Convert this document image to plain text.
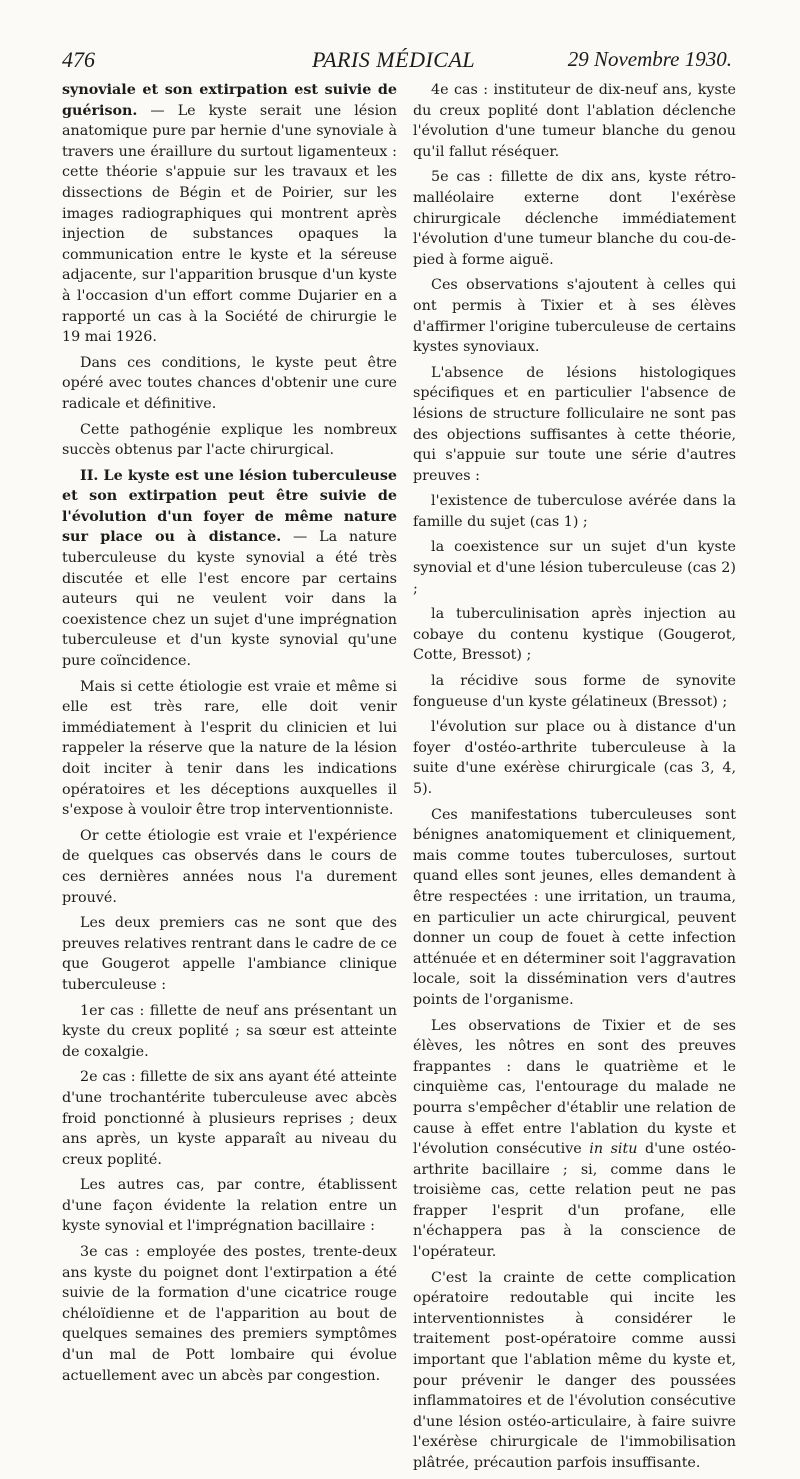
476	PARIS MÉDICAL	29 Novembre 1930.

synoviale et son extirpation est suivie de guérison. — Le kyste serait une lésion anatomique pure par hernie d'une synoviale à travers une éraillure du surtout ligamenteux : cette théorie s'appuie sur les travaux et les dissections de Bégin et de Poirier, sur les images radiographiques qui montrent après injection de substances opaques la communication entre le kyste et la séreuse adjacente, sur l'apparition brusque d'un kyste à l'occasion d'un effort comme Dujarier en a rapporté un cas à la Société de chirurgie le 19 mai 1926.

Dans ces conditions, le kyste peut être opéré avec toutes chances d'obtenir une cure radicale et définitive.

Cette pathogénie explique les nombreux succès obtenus par l'acte chirurgical.

II. Le kyste est une lésion tuberculeuse et son extirpation peut être suivie de l'évolution d'un foyer de même nature sur place ou à distance. — La nature tuberculeuse du kyste synovial a été très discutée et elle l'est encore par certains auteurs qui ne veulent voir dans la coexistence chez un sujet d'une imprégnation tuberculeuse et d'un kyste synovial qu'une pure coïncidence.

Mais si cette étiologie est vraie et même si elle est très rare, elle doit venir immédiatement à l'esprit du clinicien et lui rappeler la réserve que la nature de la lésion doit inciter à tenir dans les indications opératoires et les déceptions auxquelles il s'expose à vouloir être trop interventionniste.

Or cette étiologie est vraie et l'expérience de quelques cas observés dans le cours de ces dernières années nous l'a durement prouvé.

Les deux premiers cas ne sont que des preuves relatives rentrant dans le cadre de ce que Gougerot appelle l'ambiance clinique tuberculeuse :

1er cas : fillette de neuf ans présentant un kyste du creux poplité ; sa sœur est atteinte de coxalgie.

2e cas : fillette de six ans ayant été atteinte d'une trochantérite tuberculeuse avec abcès froid ponctionné à plusieurs reprises ; deux ans après, un kyste apparaît au niveau du creux poplité.

Les autres cas, par contre, établissent d'une façon évidente la relation entre un kyste synovial et l'imprégnation bacillaire :

3e cas : employée des postes, trente-deux ans kyste du poignet dont l'extirpation a été suivie de la formation d'une cicatrice rouge chéloïdienne et de l'apparition au bout de quelques semaines des premiers symptômes d'un mal de Pott lombaire qui évolue actuellement avec un abcès par congestion.

4e cas : instituteur de dix-neuf ans, kyste du creux poplité dont l'ablation déclenche l'évolution d'une tumeur blanche du genou qu'il fallut réséquer.

5e cas : fillette de dix ans, kyste rétro-malléolaire externe dont l'exérèse chirurgicale déclenche immédiatement l'évolution d'une tumeur blanche du cou-de-pied à forme aiguë.

Ces observations s'ajoutent à celles qui ont permis à Tixier et à ses élèves d'affirmer l'origine tuberculeuse de certains kystes synoviaux.

L'absence de lésions histologiques spécifiques et en particulier l'absence de lésions de structure folliculaire ne sont pas des objections suffisantes à cette théorie, qui s'appuie sur toute une série d'autres preuves :

l'existence de tuberculose avérée dans la famille du sujet (cas 1) ;

la coexistence sur un sujet d'un kyste synovial et d'une lésion tuberculeuse (cas 2) ;

la tuberculinisation après injection au cobaye du contenu kystique (Gougerot, Cotte, Bressot) ;

la récidive sous forme de synovite fongueuse d'un kyste gélatineux (Bressot) ;

l'évolution sur place ou à distance d'un foyer d'ostéo-arthrite tuberculeuse à la suite d'une exérèse chirurgicale (cas 3, 4, 5).

Ces manifestations tuberculeuses sont bénignes anatomiquement et cliniquement, mais comme toutes tuberculoses, surtout quand elles sont jeunes, elles demandent à être respectées : une irritation, un trauma, en particulier un acte chirurgical, peuvent donner un coup de fouet à cette infection atténuée et en déterminer soit l'aggravation locale, soit la dissémination vers d'autres points de l'organisme.

Les observations de Tixier et de ses élèves, les nôtres en sont des preuves frappantes : dans le quatrième et le cinquième cas, l'entourage du malade ne pourra s'empêcher d'établir une relation de cause à effet entre l'ablation du kyste et l'évolution consécutive in situ d'une ostéo-arthrite bacillaire ; si, comme dans le troisième cas, cette relation peut ne pas frapper l'esprit d'un profane, elle n'échappera pas à la conscience de l'opérateur.

C'est la crainte de cette complication opératoire redoutable qui incite les interventionnistes à considérer le traitement post-opératoire comme aussi important que l'ablation même du kyste et, pour prévenir le danger des poussées inflammatoires et de l'évolution consécutive d'une lésion ostéo-articulaire, à faire suivre l'exérèse chirurgicale de l'immobilisation plâtrée, précaution parfois insuffisante.
